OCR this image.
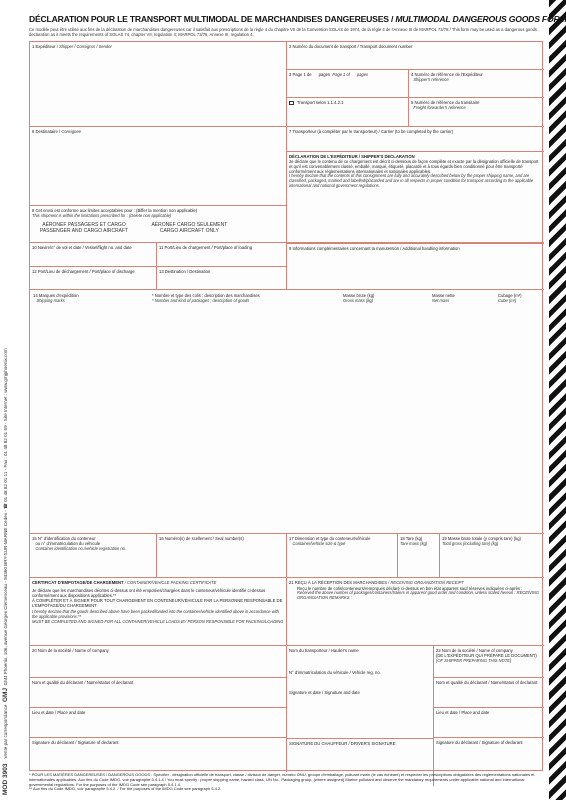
MOD 3903    Vente par correspondance  GMJ  GMJ Phoenix, 106, avenue Georges Clemenceau - 94360 BRY-SUR-MARNE Cedex - ☎ 01 48 82 01 11 - Fax : 01 48 82 01 59 - Site Internet : www.gmjphoenix.com
DÉCLARATION POUR LE TRANSPORT MULTIMODAL DE MARCHANDISES DANGEREUSES / MULTIMODAL DANGEROUS GOODS FORM
Ce modèle peut être utilisé aux fins de la déclaration de marchandises dangereuses car il satisfait aux prescriptions de la règle 4 du chapitre VII de la Convention SOLAS de 1974, de la règle 4 de l'Annexe III de MARPOL 73/78 / This form may be used as a dangerous goods declaration as it meets the requirements of SOLAS 74, chapter VII, regulation 4; MARPOL 73/78, Annexe III, regulation 4.
1 Expéditeur / Shipper / Consignor / Sender	2 Numéro du document de transport / Transport document number
3 Page 1 de pages Page 1 of pages	4 Numéro de référence de l'Expéditeur
Shipper's reference
Transport selon 1.1.4.2.1	5 Numéro de référence du transitaire
Freight forwarder's reference
6 Destinataire / Consignee	7 Transporteur (à compléter par le transporteur) / Carrier (to be completed by the carrier)
DÉCLARATION DE L'EXPÉDITEUR / SHIPPER'S DECLARATION
Je déclare que le contenu de ce chargement est décrit ci-dessous de façon complète et exacte par la désignation officielle de transport et qu'il est convenablement classé, emballé, marqué, étiqueté, placardé et à tous égards bien conditionné pour être transporté conformément aux réglementations internationales et nationales applicables.
I hereby declare that the contents of this consignment are fully and accurately described below by the proper shipping name, and are classified, packaged, marked and labelled/placarded and are in all respects in proper condition for transport according to the applicable international and national government regulations.
8 Cet envoi est conforme aux limites acceptables pour : (Biffer la mention non applicable)
This shipment is within the limitations prescribed for : (Delete non-applicable)
AÉRONEF PASSAGERS ET CARGO
PASSENGER AND CARGO AIRCRAFT AÉRONEF CARGO SEULEMENT
CARGO AIRCRAFT ONLY
9 Informations complémentaires concernant la manutention / Additional handling information
10 Navire/n° de vol et date / Vessel/flight no. and date	11 Port/Lieu de chargement / Port/place of loading
12 Port/Lieu de déchargement / Port/place of discharge	13 Destination / Destination
14 Marques d'expédition
Shipping marks
* Nombre et type des colis ; description des marchandises
* Number and kind of packages ; description of goods
Masse brute (kg)
Gross mass (kg)
Masse nette
Net mass
Cubage (m³)
Cube (m³)
15 N° d'identification du conteneur
ou n° d'immatriculation du véhicule
Container identification no./vehicle registration no.
16 Numéro(s) de scellement / Seal number(s)	17 Dimension et type du conteneur/véhicule
Container/vehicle size & type
18 Tare (kg)
Tare mass (kg)
19 Masse brute totale (y compris tare) (kg)
Total gross (including tare) (kg)
CERTIFICAT D'EMPOTAGE/DE CHARGEMENT / CONTAINER/VEHICLE PACKING CERTIFICATE
Je déclare que les marchandises décrites ci-dessus ont été empotées/chargées dans le conteneur/véhicule identifié ci-dessus conformément aux dispositions applicables.**
À COMPLÉTER ET À SIGNER POUR TOUT CHARGEMENT EN CONTENEUR/VÉHICULE PAR LA PERSONNE RESPONSABLE DE L'EMPOTAGE/DU CHARGEMENT
I hereby declare that the goods described above have been packed/loaded into the container/vehicle identified above in accordance with the applicable provisions.**
MUST BE COMPLETED AND SIGNED FOR ALL CONTAINER/VEHICLE LOADS BY PERSON RESPONSIBLE FOR PACKING/LOADING
21 REÇU À LA RÉCEPTION DES MARCHANDISES / RECEIVING ORGANIZATION RECEIPT
Reçu le nombre de colis/conteneurs/remorques déclaré ci-dessus en bon état apparent sauf réserves indiquées ci-après :
Received the above number of packages/containers/trailers in apparent good order and condition, unless stated hereon : RECEIVING ORGANISATION REMARKS :
20 Nom de la société / Name of company	Nom du transporteur / Haulier's name
N° d'immatriculation du véhicule / Vehicle reg. no.
Signature et date / Signature and date
22 Nom de la société / Name of company
(DE L'EXPÉDITEUR QUI PRÉPARE LE DOCUMENT)
(OF SHIPPER PREPARING THIS NOTE)
Nom et qualité du déclarant / Name/status of declarant	Nom et qualité du déclarant / Name/status of declarant
Lieu et date / Place and date	Lieu et date / Place and date
Signature du déclarant / Signature of declarant	SIGNATURE DU CHAUFFEUR / DRIVER'S SIGNATURE	Signature du déclarant / Signature of declarant
* POUR LES MATIÈRES DANGEREUSES / DANGEROUS GOODS : Spécifier : désignation officielle de transport, classe / division de danger, numéro ONU, groupe d'emballage, polluant marin (le cas échéant) et respecter les prescriptions obligatoires des réglementations nationales et internationales applicables. Aux fins du Code IMDG, voir paragraphe 5.4.1.4 / You must specify : proper shipping name, hazard class, UN No., Packaging group, (where assigned) Marine pollutant and observe the mandatory requirements under applicable national and international governmental regulations. For the purposes of the IMDG Code see paragraph 5.4.1.4.
** Aux fins du Code IMDG, voir paragraphe 5.4.2. / For the purposes of the IMDG Code see paragraph 5.4.2.
